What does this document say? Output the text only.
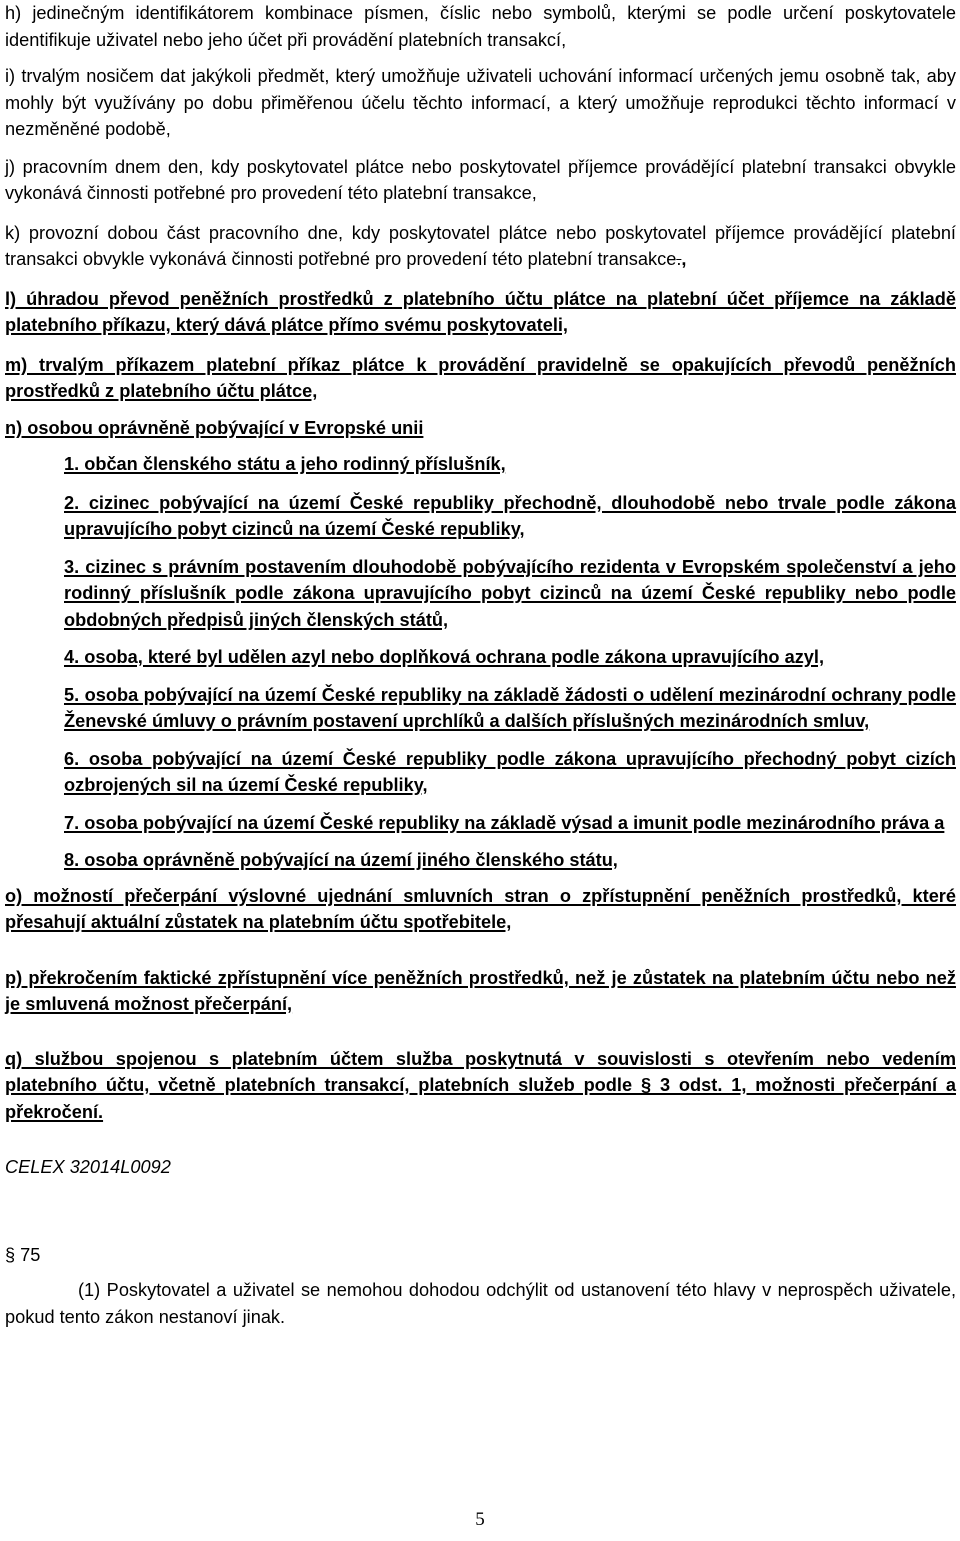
h) jedinečným identifikátorem kombinace písmen, číslic nebo symbolů, kterými se podle určení poskytovatele identifikuje uživatel nebo jeho účet při provádění platebních transakcí,

i) trvalým nosičem dat jakýkoli předmět, který umožňuje uživateli uchování informací určených jemu osobně tak, aby mohly být využívány po dobu přiměřenou účelu těchto informací, a který umožňuje reprodukci těchto informací v nezměněné podobě,

j) pracovním dnem den, kdy poskytovatel plátce nebo poskytovatel příjemce provádějící platební transakci obvykle vykonává činnosti potřebné pro provedení této platební transakce,

k) provozní dobou část pracovního dne, kdy poskytovatel plátce nebo poskytovatel příjemce provádějící platební transakci obvykle vykonává činnosti potřebné pro provedení této platební transakce.,

l) úhradou převod peněžních prostředků z platebního účtu plátce na platební účet příjemce na základě platebního příkazu, který dává plátce přímo svému poskytovateli,

m) trvalým příkazem platební příkaz plátce k provádění pravidelně se opakujících převodů peněžních prostředků z platebního účtu plátce,

n) osobou oprávněně pobývající v Evropské unii

1. občan členského státu a jeho rodinný příslušník,

2. cizinec pobývající na území České republiky přechodně, dlouhodobě nebo trvale podle zákona upravujícího pobyt cizinců na území České republiky,

3. cizinec s právním postavením dlouhodobě pobývajícího rezidenta v Evropském společenství a jeho rodinný příslušník podle zákona upravujícího pobyt cizinců na území České republiky nebo podle obdobných předpisů jiných členských států,

4. osoba, které byl udělen azyl nebo doplňková ochrana podle zákona upravujícího azyl,

5. osoba pobývající na území České republiky na základě žádosti o udělení mezinárodní ochrany podle Ženevské úmluvy o právním postavení uprchlíků a dalších příslušných mezinárodních smluv,

6. osoba pobývající na území České republiky podle zákona upravujícího přechodný pobyt cizích ozbrojených sil na území České republiky,

7. osoba pobývající na území České republiky na základě výsad a imunit podle mezinárodního práva a

8. osoba oprávněně pobývající na území jiného členského státu,

o) možností přečerpání výslovné ujednání smluvních stran o zpřístupnění peněžních prostředků, které přesahují aktuální zůstatek na platebním účtu spotřebitele,

p) překročením faktické zpřístupnění více peněžních prostředků, než je zůstatek na platebním účtu nebo než je smluvená možnost přečerpání,

q) službou spojenou s platebním účtem služba poskytnutá v souvislosti s otevřením nebo vedením platebního účtu, včetně platebních transakcí, platebních služeb podle § 3 odst. 1, možnosti přečerpání a překročení.

CELEX 32014L0092

§ 75

(1) Poskytovatel a uživatel se nemohou dohodou odchýlit od ustanovení této hlavy v neprospěch uživatele, pokud tento zákon nestanoví jinak.

5
